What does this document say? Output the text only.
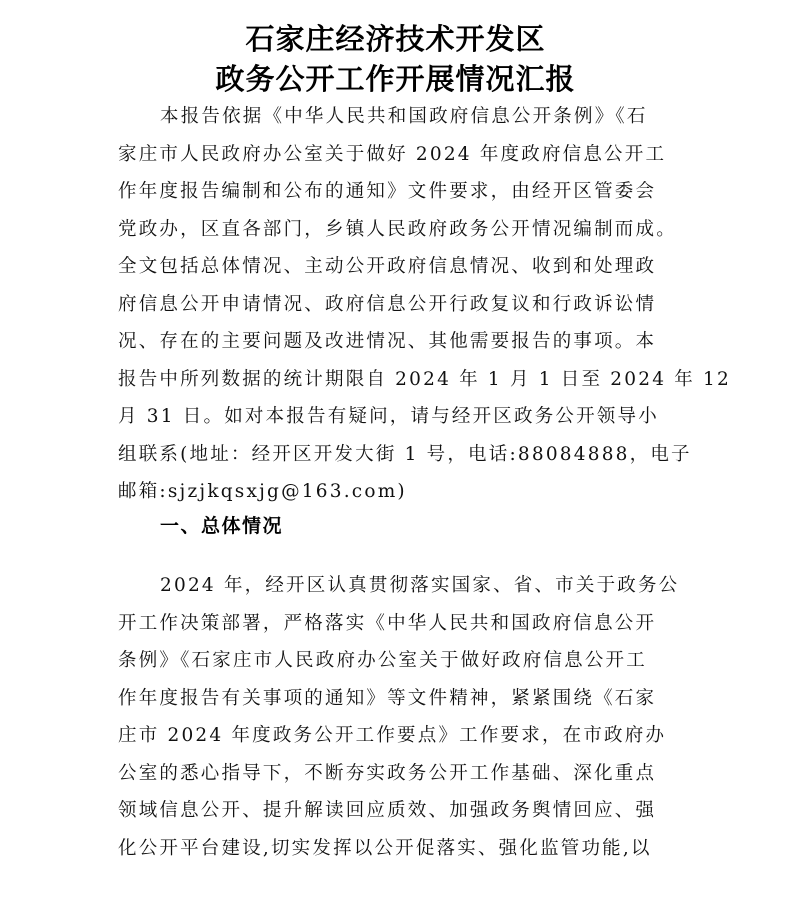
石家庄经济技术开发区
政务公开工作开展情况汇报
本报告依据《中华人民共和国政府信息公开条例》《石
家庄市人民政府办公室关于做好 2024 年度政府信息公开工
作年度报告编制和公布的通知》文件要求，由经开区管委会
党政办，区直各部门，乡镇人民政府政务公开情况编制而成。
全文包括总体情况、主动公开政府信息情况、收到和处理政
府信息公开申请情况、政府信息公开行政复议和行政诉讼情
况、存在的主要问题及改进情况、其他需要报告的事项。本
报告中所列数据的统计期限自 2024 年 1 月 1 日至 2024 年 12
月 31 日。如对本报告有疑问，请与经开区政务公开领导小
组联系(地址：经开区开发大街 1 号，电话:88084888，电子
邮箱:sjzjkqsxjg@163.com)
一、总体情况
2024 年，经开区认真贯彻落实国家、省、市关于政务公
开工作决策部署，严格落实《中华人民共和国政府信息公开
条例》《石家庄市人民政府办公室关于做好政府信息公开工
作年度报告有关事项的通知》等文件精神，紧紧围绕《石家
庄市 2024 年度政务公开工作要点》工作要求，在市政府办
公室的悉心指导下，不断夯实政务公开工作基础、深化重点
领域信息公开、提升解读回应质效、加强政务舆情回应、强
化公开平台建设,切实发挥以公开促落实、强化监管功能,以
